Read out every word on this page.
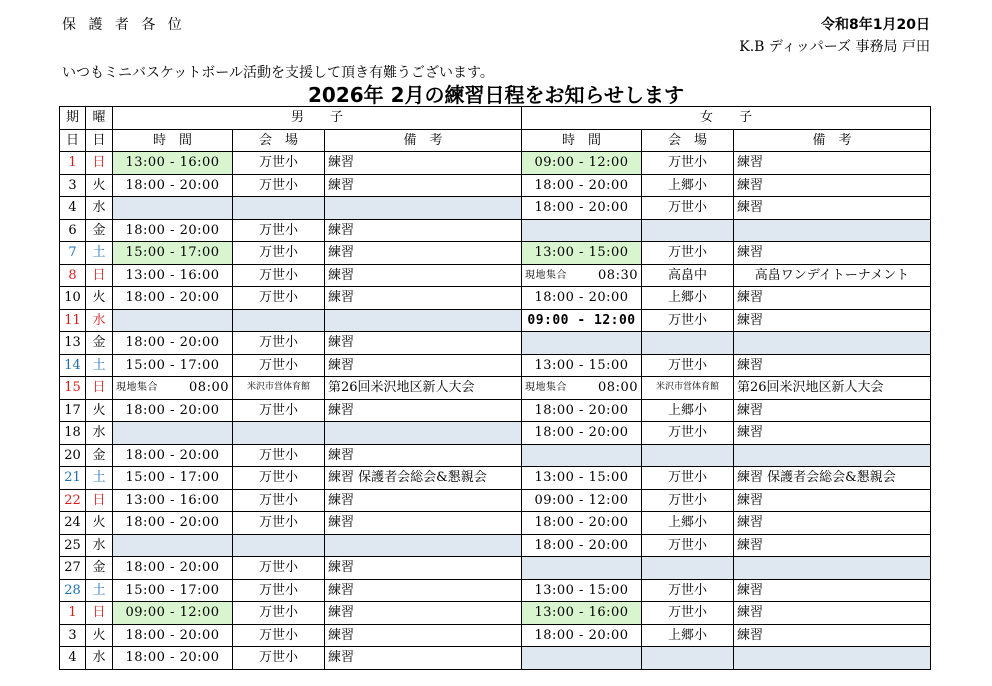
保 護 者 各 位	令和8年1月20日
K.B ディッパーズ 事務局 戸田
いつもミニバスケットボール活動を支援して頂き有難うございます。
2026年 2月の練習日程をお知らせします
期	曜	男　　子			女　　子		
日	日	時　間	会　場	備　考	時　間	会　場	備　考
1	日	13:00 - 16:00	万世小	練習	09:00 - 12:00	万世小	練習
3	火	18:00 - 20:00	万世小	練習	18:00 - 20:00	上郷小	練習
4	水				18:00 - 20:00	万世小	練習
6	金	18:00 - 20:00	万世小	練習			
7	土	15:00 - 17:00	万世小	練習	13:00 - 15:00	万世小	練習
8	日	13:00 - 16:00	万世小	練習	現地集合 08:30	高畠中	高畠ワンデイトーナメント
10	火	18:00 - 20:00	万世小	練習	18:00 - 20:00	上郷小	練習
11	水				09:00 - 12:00	万世小	練習
13	金	18:00 - 20:00	万世小	練習			
14	土	15:00 - 17:00	万世小	練習	13:00 - 15:00	万世小	練習
15	日	現地集合 08:00	米沢市営体育館	第26回米沢地区新人大会	現地集合 08:00	米沢市営体育館	第26回米沢地区新人大会
17	火	18:00 - 20:00	万世小	練習	18:00 - 20:00	上郷小	練習
18	水				18:00 - 20:00	万世小	練習
20	金	18:00 - 20:00	万世小	練習			
21	土	15:00 - 17:00	万世小	練習 保護者会総会&懇親会	13:00 - 15:00	万世小	練習 保護者会総会&懇親会
22	日	13:00 - 16:00	万世小	練習	09:00 - 12:00	万世小	練習
24	火	18:00 - 20:00	万世小	練習	18:00 - 20:00	上郷小	練習
25	水				18:00 - 20:00	万世小	練習
27	金	18:00 - 20:00	万世小	練習			
28	土	15:00 - 17:00	万世小	練習	13:00 - 15:00	万世小	練習
1	日	09:00 - 12:00	万世小	練習	13:00 - 16:00	万世小	練習
3	火	18:00 - 20:00	万世小	練習	18:00 - 20:00	上郷小	練習
4	水	18:00 - 20:00	万世小	練習			
